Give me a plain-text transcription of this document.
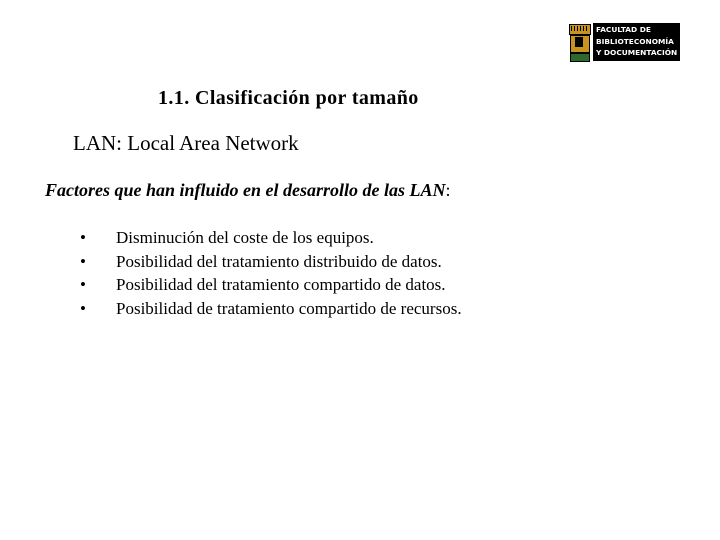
FACULTAD DE
BIBLIOTECONOMÍA
Y DOCUMENTACIÓN
1.1. Clasificación por tamaño
LAN: Local Area Network
Factores que han influido en el desarrollo de las LAN:
•	Disminución del coste de los equipos.
•	Posibilidad del tratamiento distribuido de datos.
•	Posibilidad del tratamiento compartido de datos.
•	Posibilidad de tratamiento compartido de recursos.
